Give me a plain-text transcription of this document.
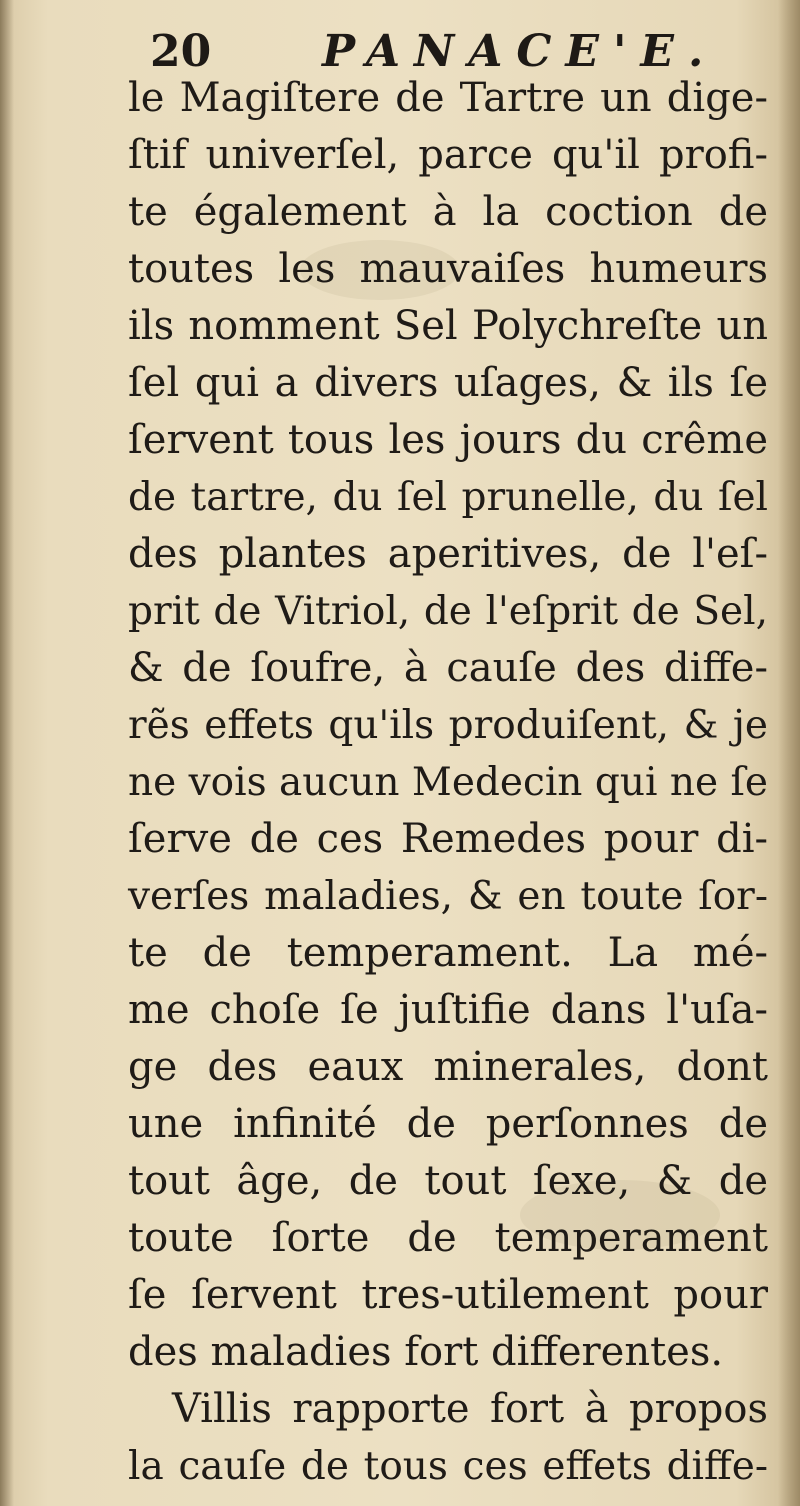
20	PANACE'E.
le Magiſtere de Tartre un dige-
ſtif univerſel, parce qu'il profi-
te également à la coction de
toutes les mauvaiſes humeurs
ils nomment Sel Polychreſte un
ſel qui a divers uſages, & ils ſe
ſervent tous les jours du crême
de tartre, du ſel prunelle, du ſel
des plantes aperitives, de l'eſ-
prit de Vitriol, de l'eſprit de Sel,
& de ſoufre, à cauſe des diffe-
rẽs effets qu'ils produiſent, & je
ne vois aucun Medecin qui ne ſe
ſerve de ces Remedes pour di-
verſes maladies, & en toute ſor-
te de temperament. La mé-
me choſe ſe juſtifie dans l'uſa-
ge des eaux minerales, dont
une infinité de perſonnes de
tout âge, de tout ſexe, & de
toute ſorte de temperament
ſe ſervent tres-utilement pour
des maladies fort differentes.
Villis rapporte fort à propos
la cauſe de tous ces effets diffe-
